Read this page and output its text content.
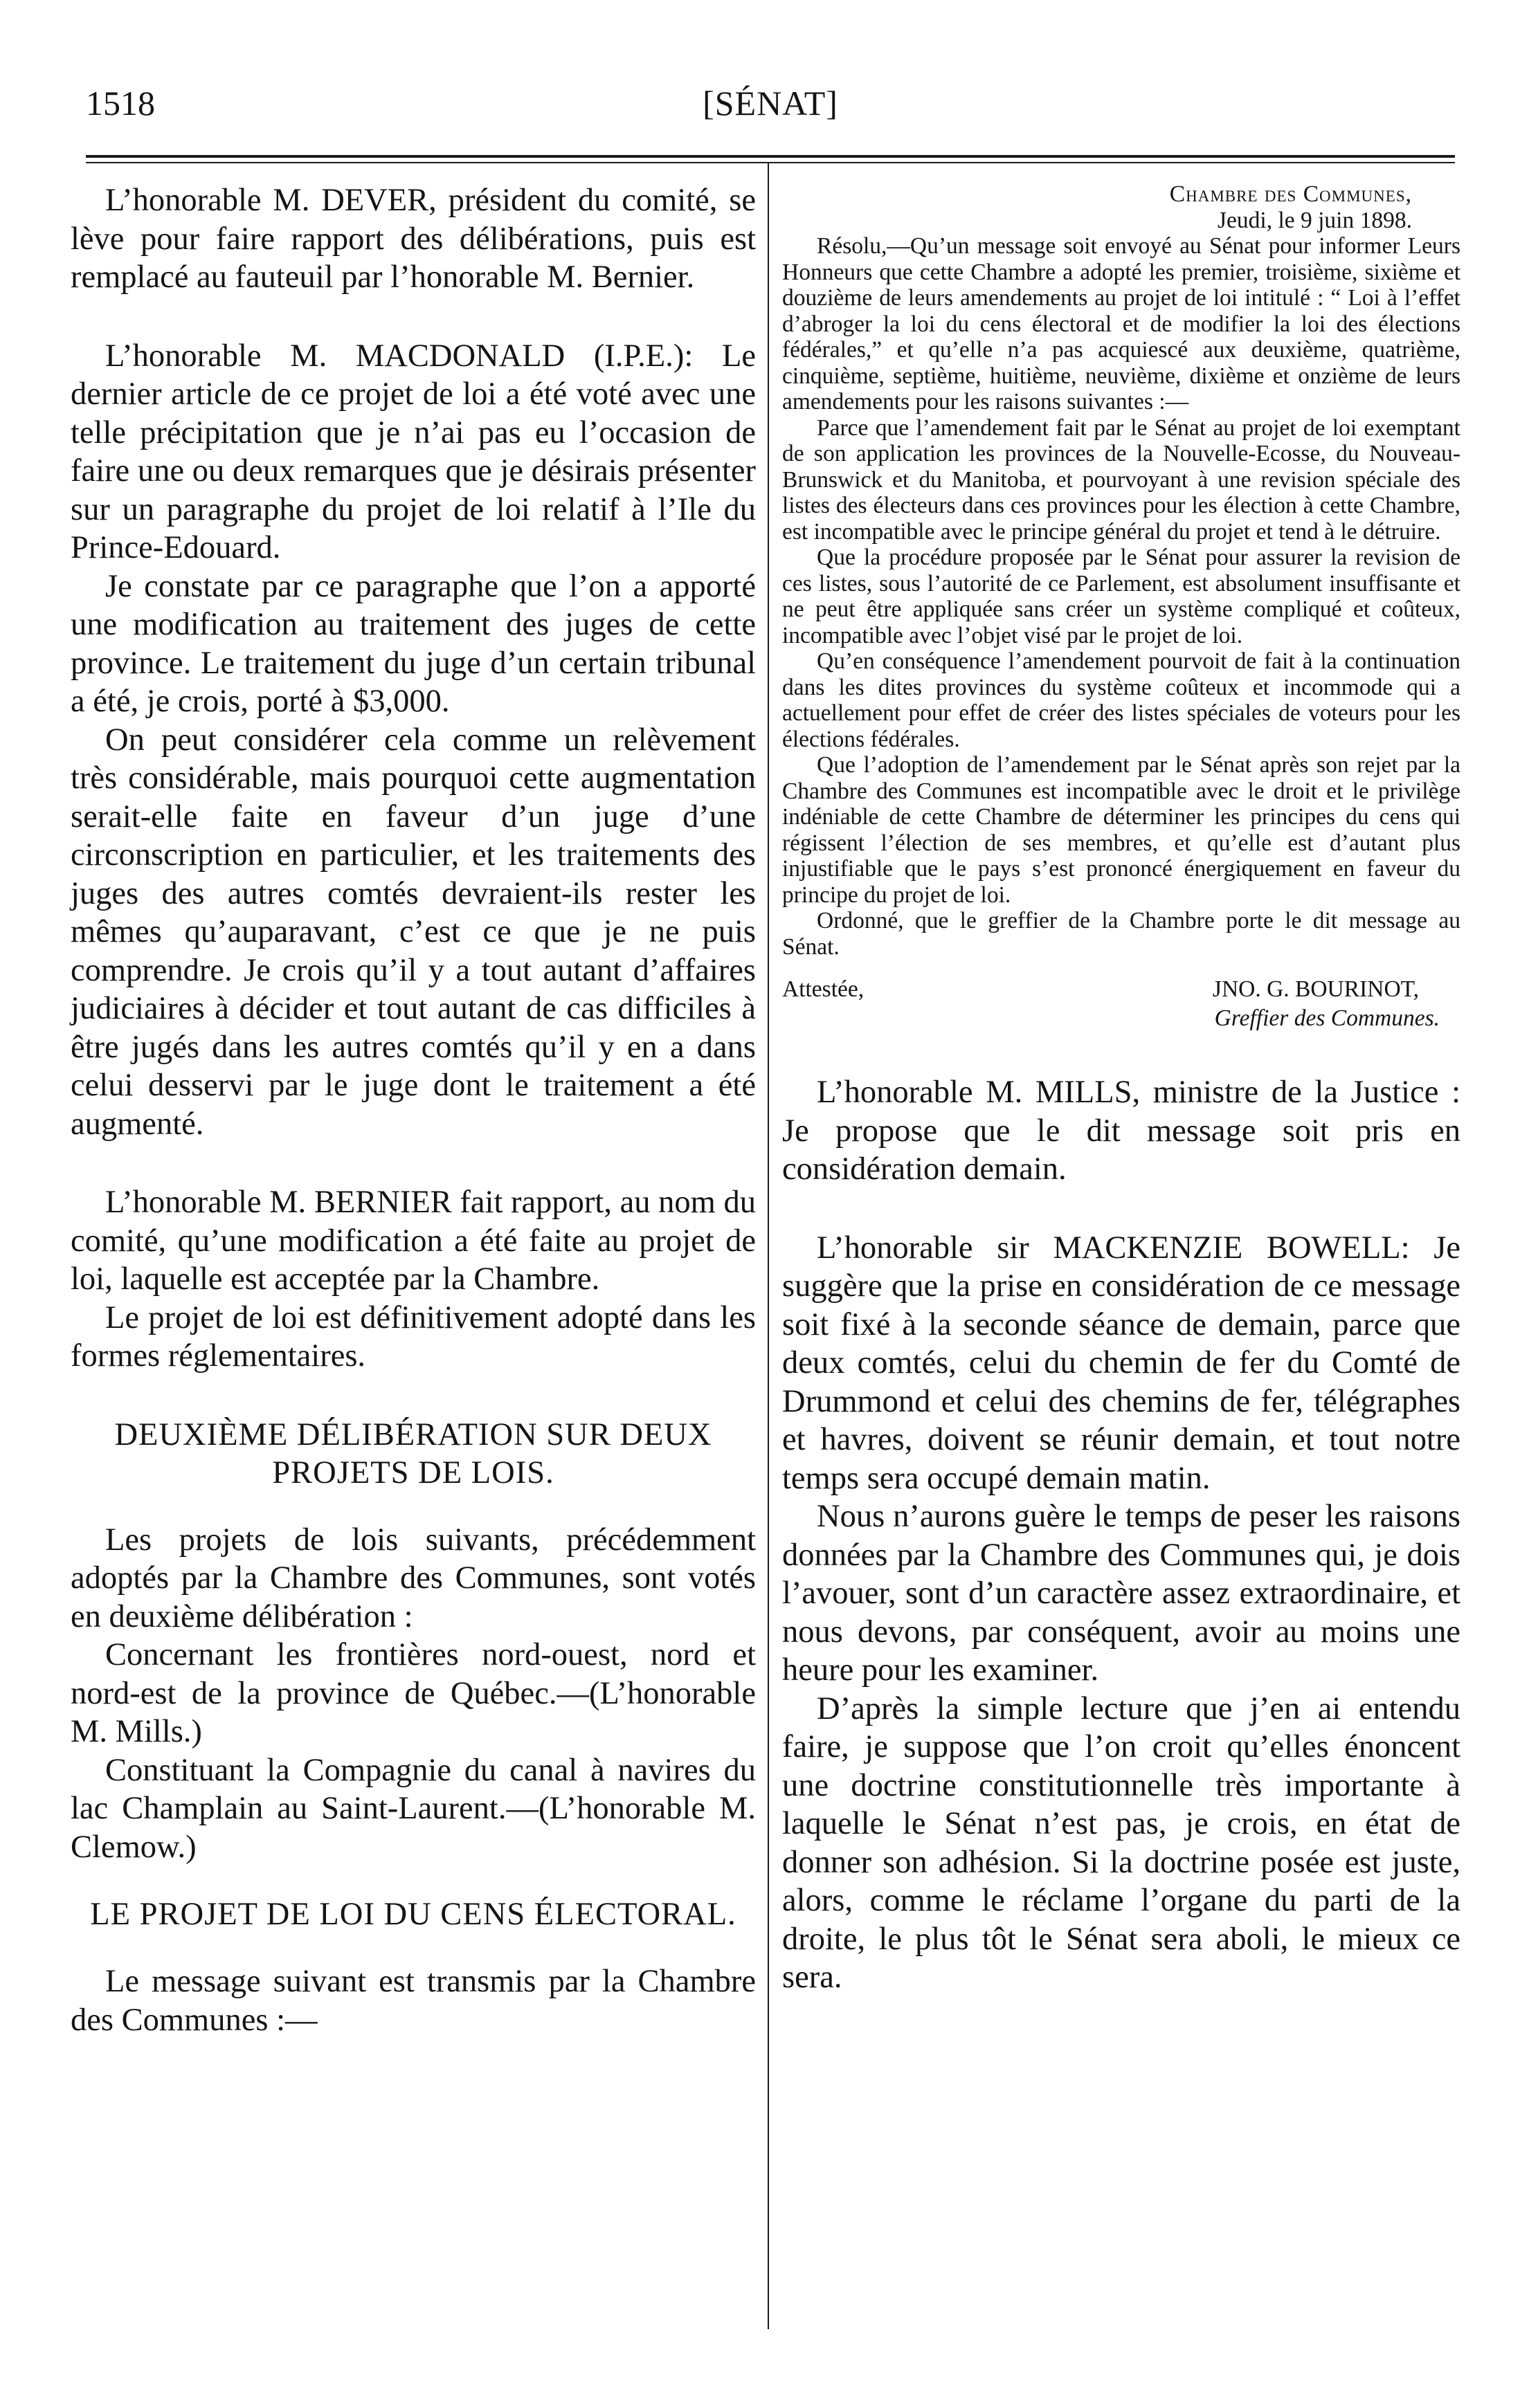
1518	[SÉNAT]

L’honorable M. DEVER, président du comité, se lève pour faire rapport des délibérations, puis est remplacé au fauteuil par l’honorable M. Bernier.

L’honorable M. MACDONALD (I.P.E.): Le dernier article de ce projet de loi a été voté avec une telle précipitation que je n’ai pas eu l’occasion de faire une ou deux remarques que je désirais présenter sur un paragraphe du projet de loi relatif à l’Ile du Prince-Edouard.

Je constate par ce paragraphe que l’on a apporté une modification au traitement des juges de cette province. Le traitement du juge d’un certain tribunal a été, je crois, porté à $3,000.

On peut considérer cela comme un relèvement très considérable, mais pourquoi cette augmentation serait-elle faite en faveur d’un juge d’une circonscription en particulier, et les traitements des juges des autres comtés devraient-ils rester les mêmes qu’auparavant, c’est ce que je ne puis comprendre. Je crois qu’il y a tout autant d’affaires judiciaires à décider et tout autant de cas difficiles à être jugés dans les autres comtés qu’il y en a dans celui desservi par le juge dont le traitement a été augmenté.

L’honorable M. BERNIER fait rapport, au nom du comité, qu’une modification a été faite au projet de loi, laquelle est acceptée par la Chambre.

Le projet de loi est définitivement adopté dans les formes réglementaires.

DEUXIÈME DÉLIBÉRATION SUR DEUX PROJETS DE LOIS.

Les projets de lois suivants, précédemment adoptés par la Chambre des Communes, sont votés en deuxième délibération :

Concernant les frontières nord-ouest, nord et nord-est de la province de Québec.—(L’honorable M. Mills.)

Constituant la Compagnie du canal à navires du lac Champlain au Saint-Laurent.—(L’honorable M. Clemow.)

LE PROJET DE LOI DU CENS ÉLECTORAL.

Le message suivant est transmis par la Chambre des Communes :—

Chambre des Communes,
Jeudi, le 9 juin 1898.

Résolu,—Qu’un message soit envoyé au Sénat pour informer Leurs Honneurs que cette Chambre a adopté les premier, troisième, sixième et douzième de leurs amendements au projet de loi intitulé : “ Loi à l’effet d’abroger la loi du cens électoral et de modifier la loi des élections fédérales,” et qu’elle n’a pas acquiescé aux deuxième, quatrième, cinquième, septième, huitième, neuvième, dixième et onzième de leurs amendements pour les raisons suivantes :—

Parce que l’amendement fait par le Sénat au projet de loi exemptant de son application les provinces de la Nouvelle-Ecosse, du Nouveau-Brunswick et du Manitoba, et pourvoyant à une revision spéciale des listes des électeurs dans ces provinces pour les élection à cette Chambre, est incompatible avec le principe général du projet et tend à le détruire.

Que la procédure proposée par le Sénat pour assurer la revision de ces listes, sous l’autorité de ce Parlement, est absolument insuffisante et ne peut être appliquée sans créer un système compliqué et coûteux, incompatible avec l’objet visé par le projet de loi.

Qu’en conséquence l’amendement pourvoit de fait à la continuation dans les dites provinces du système coûteux et incommode qui a actuellement pour effet de créer des listes spéciales de voteurs pour les élections fédérales.

Que l’adoption de l’amendement par le Sénat après son rejet par la Chambre des Communes est incompatible avec le droit et le privilège indéniable de cette Chambre de déterminer les principes du cens qui régissent l’élection de ses membres, et qu’elle est d’autant plus injustifiable que le pays s’est prononcé énergiquement en faveur du principe du projet de loi.

Ordonné, que le greffier de la Chambre porte le dit message au Sénat.

Attestée,	JNO. G. BOURINOT,
Greffier des Communes.

L’honorable M. MILLS, ministre de la Justice : Je propose que le dit message soit pris en considération demain.

L’honorable sir MACKENZIE BOWELL: Je suggère que la prise en considération de ce message soit fixé à la seconde séance de demain, parce que deux comtés, celui du chemin de fer du Comté de Drummond et celui des chemins de fer, télégraphes et havres, doivent se réunir demain, et tout notre temps sera occupé demain matin.

Nous n’aurons guère le temps de peser les raisons données par la Chambre des Communes qui, je dois l’avouer, sont d’un caractère assez extraordinaire, et nous devons, par conséquent, avoir au moins une heure pour les examiner.

D’après la simple lecture que j’en ai entendu faire, je suppose que l’on croit qu’elles énoncent une doctrine constitutionnelle très importante à laquelle le Sénat n’est pas, je crois, en état de donner son adhésion. Si la doctrine posée est juste, alors, comme le réclame l’organe du parti de la droite, le plus tôt le Sénat sera aboli, le mieux ce sera.
